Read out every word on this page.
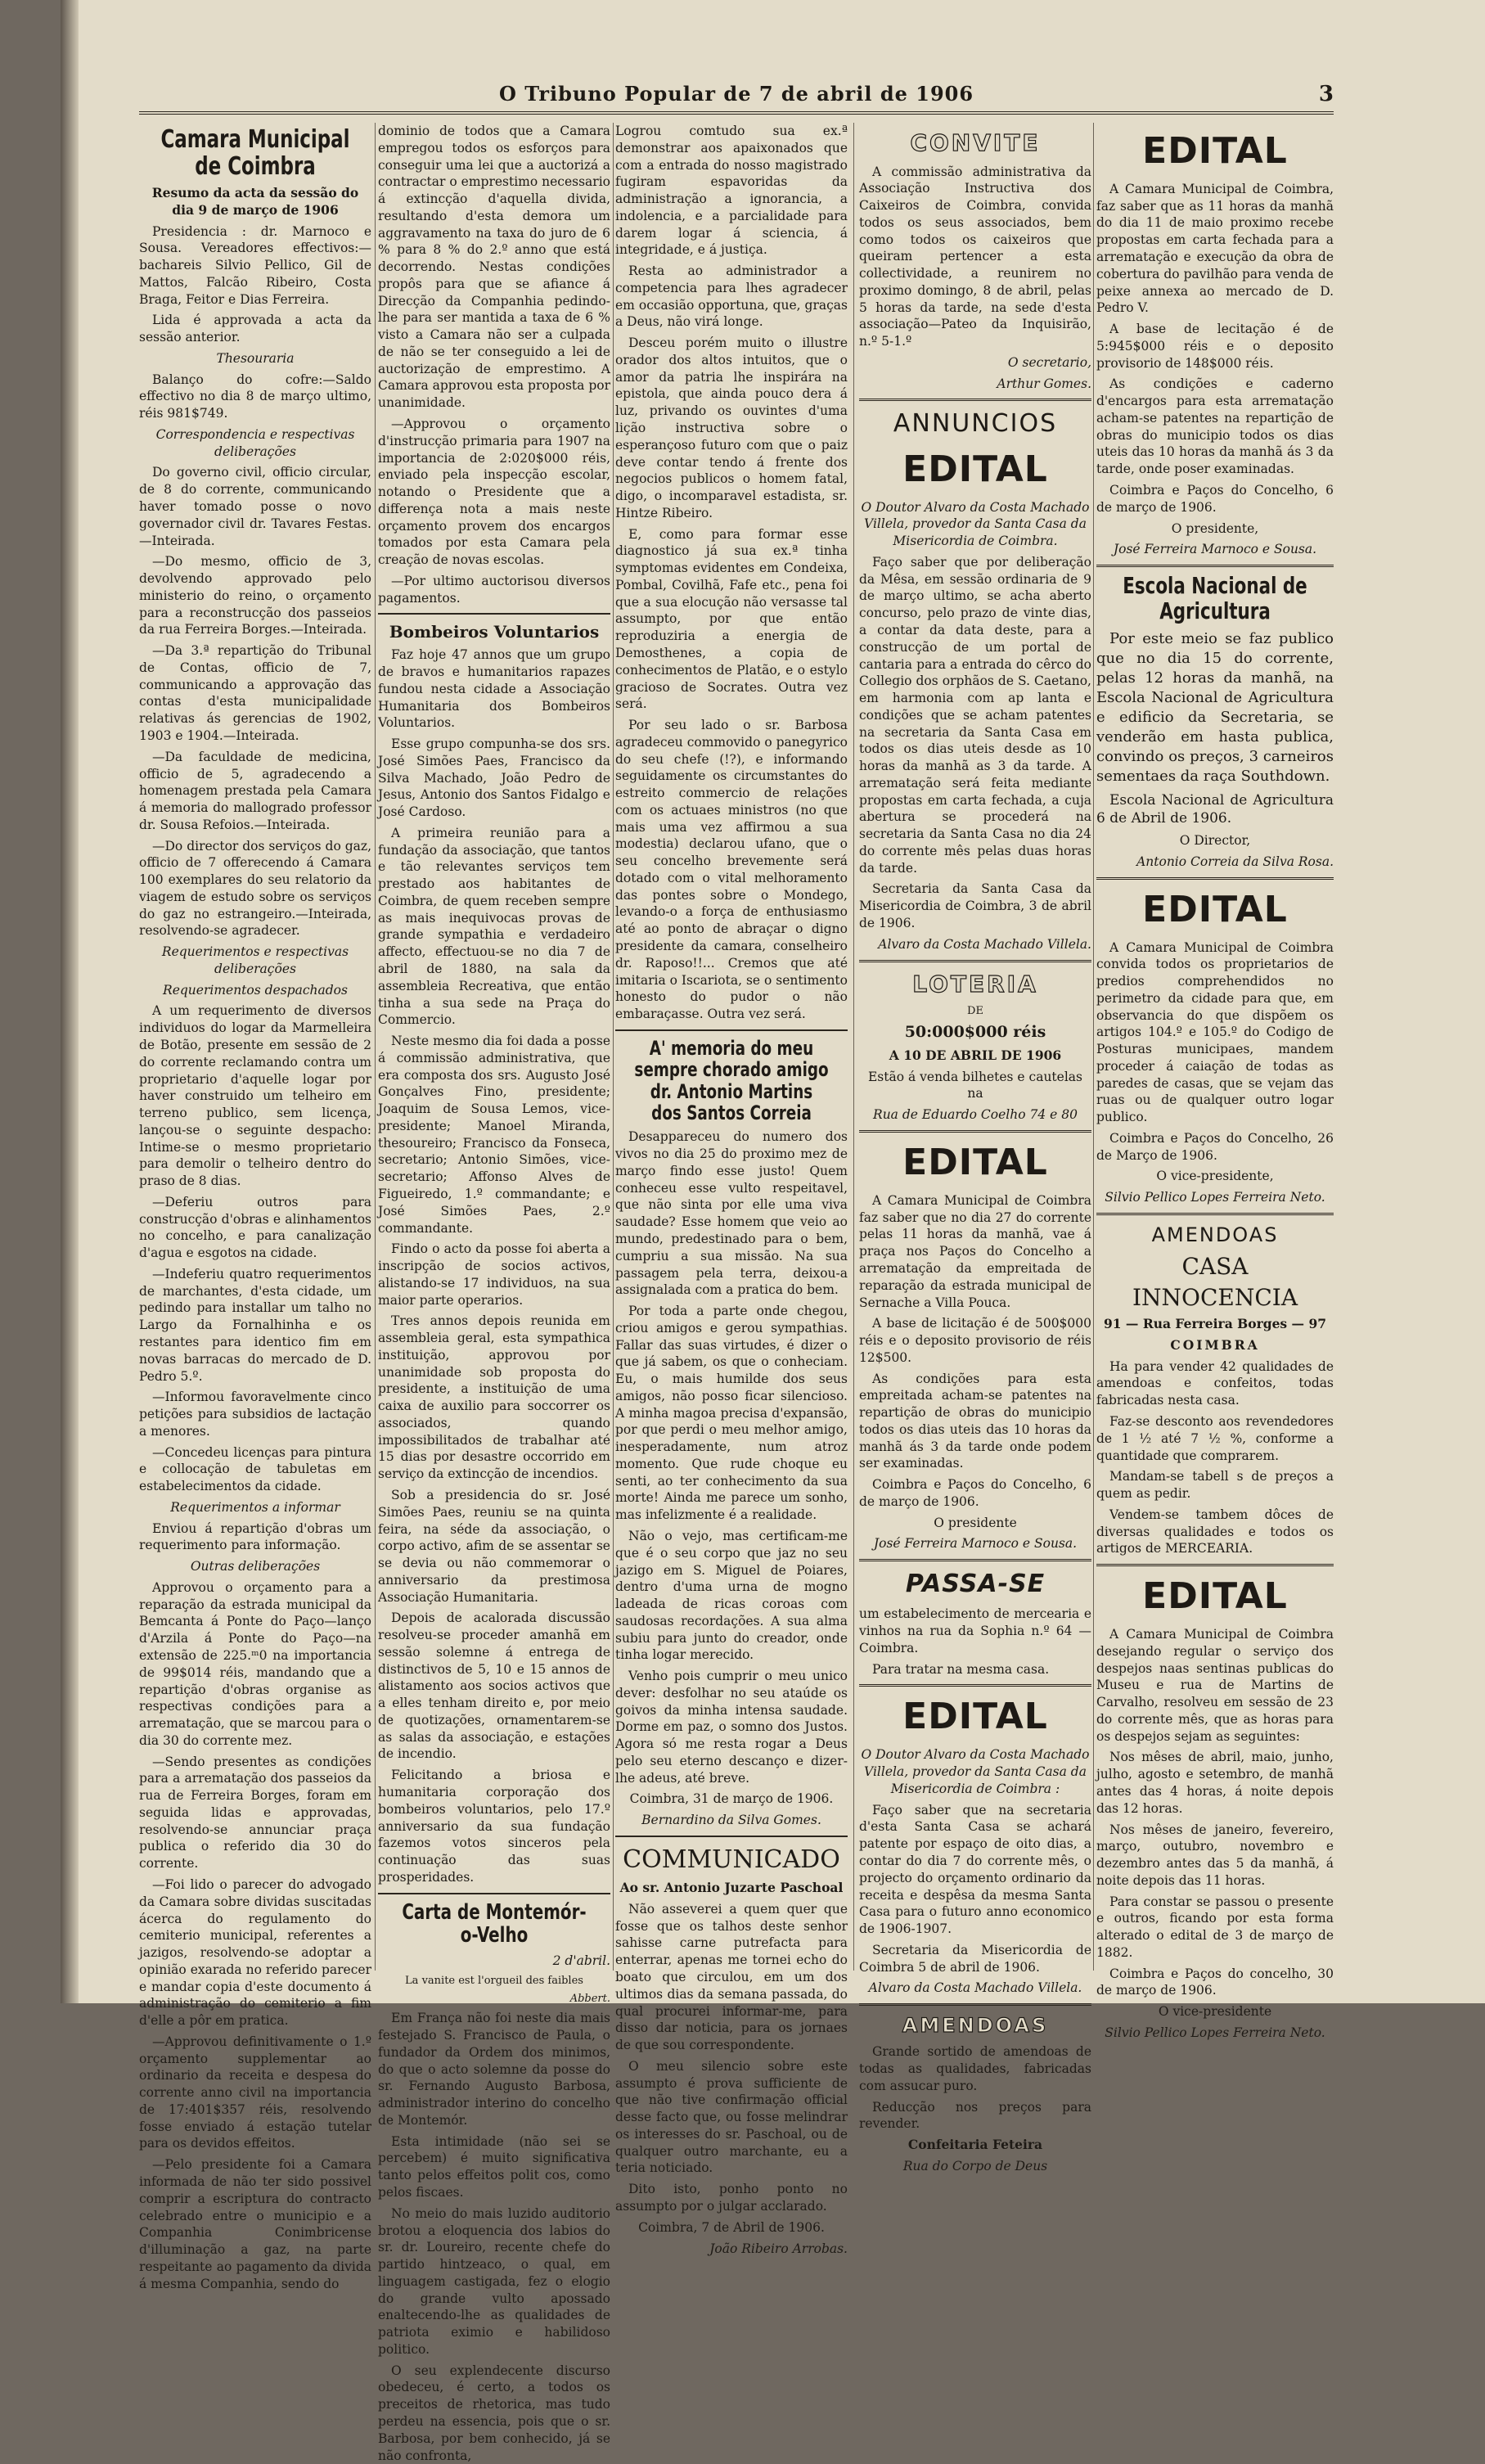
O Tribuno Popular de 7 de abril de 1906	3
Camara Municipal de Coimbra

Resumo da acta da sessão do dia 9 de março de 1906

Presidencia : dr. Marnoco e Sousa. Vereadores effectivos:—bachareis Silvio Pellico, Gil de Mattos, Falcão Ribeiro, Costa Braga, Feitor e Dias Ferreira.

Lida é approvada a acta da sessão anterior.

Thesouraria

Balanço do cofre:—Saldo effectivo no dia 8 de março ultimo, réis 981$749.

Correspondencia e respectivas deliberações

Do governo civil, officio circular, de 8 do corrente, communicando haver tomado posse o novo governador civil dr. Tavares Festas.—Inteirada.

—Do mesmo, officio de 3, devolvendo approvado pelo ministerio do reino, o orçamento para a reconstrucção dos passeios da rua Ferreira Borges.—Inteirada.

—Da 3.ª repartição do Tribunal de Contas, officio de 7, communicando a approvação das contas d'esta municipalidade relativas ás gerencias de 1902, 1903 e 1904.—Inteirada.

—Da faculdade de medicina, officio de 5, agradecendo a homenagem prestada pela Camara á memoria do mallogrado professor dr. Sousa Refoios.—Inteirada.

—Do director dos serviços do gaz, officio de 7 offerecendo á Camara 100 exemplares do seu relatorio da viagem de estudo sobre os serviços do gaz no estrangeiro.—Inteirada, resolvendo-se agradecer.

Requerimentos e respectivas deliberações

Requerimentos despachados

A um requerimento de diversos individuos do logar da Marmelleira de Botão, presente em sessão de 2 do corrente reclamando contra um proprietario d'aquelle logar por haver construido um telheiro em terreno publico, sem licença, lançou-se o seguinte despacho: Intime-se o mesmo proprietario para demolir o telheiro dentro do praso de 8 dias.

—Deferiu outros para construcção d'obras e alinhamentos no concelho, e para canalização d'agua e esgotos na cidade.

—Indeferiu quatro requerimentos de marchantes, d'esta cidade, um pedindo para installar um talho no Largo da Fornalhinha e os restantes para identico fim em novas barracas do mercado de D. Pedro 5.º.

—Informou favoravelmente cinco petições para subsidios de lactação a menores.

—Concedeu licenças para pintura e collocação de tabuletas em estabelecimentos da cidade.

Requerimentos a informar

Enviou á repartição d'obras um requerimento para informação.

Outras deliberações

Approvou o orçamento para a reparação da estrada municipal da Bemcanta á Ponte do Paço—lanço d'Arzila á Ponte do Paço—na extensão de 225.ᵐ0 na importancia de 99$014 réis, mandando que a repartição d'obras organise as respectivas condições para a arrematação, que se marcou para o dia 30 do corrente mez.

—Sendo presentes as condições para a arrematação dos passeios da rua de Ferreira Borges, foram em seguida lidas e approvadas, resolvendo-se annunciar praça publica o referido dia 30 do corrente.

—Foi lido o parecer do advogado da Camara sobre dividas suscitadas ácerca do regulamento do cemiterio municipal, referentes a jazigos, resolvendo-se adoptar a opinião exarada no referido parecer e mandar copia d'este documento á administração do cemiterio a fim d'elle a pôr em pratica.

—Approvou definitivamente o 1.º orçamento supplementar ao ordinario da receita e despesa do corrente anno civil na importancia de 17:401$357 réis, resolvendo fosse enviado á estação tutelar para os devidos effeitos.

—Pelo presidente foi a Camara informada de não ter sido possivel comprir a escriptura do contracto celebrado entre o municipio e a Companhia Conimbricense d'illuminação a gaz, na parte respeitante ao pagamento da divida á mesma Companhia, sendo do

dominio de todos que a Camara empregou todos os esforços para conseguir uma lei que a auctorizá a contractar o emprestimo necessario á extincção d'aquella divida, resultando d'esta demora um aggravamento na taxa do juro de 6 % para 8 % do 2.º anno que está decorrendo. Nestas condições propôs para que se afiance á Direcção da Companhia pedindo-lhe para ser mantida a taxa de 6 % visto a Camara não ser a culpada de não se ter conseguido a lei de auctorização de emprestimo. A Camara approvou esta proposta por unanimidade.

—Approvou o orçamento d'instrucção primaria para 1907 na importancia de 2:020$000 réis, enviado pela inspecção escolar, notando o Presidente que a differença nota a mais neste orçamento provem dos encargos tomados por esta Camara pela creação de novas escolas.

—Por ultimo auctorisou diversos pagamentos.

Bombeiros Voluntarios

Faz hoje 47 annos que um grupo de bravos e humanitarios rapazes fundou nesta cidade a Associação Humanitaria dos Bombeiros Voluntarios.

Esse grupo compunha-se dos srs. José Simões Paes, Francisco da Silva Machado, João Pedro de Jesus, Antonio dos Santos Fidalgo e José Cardoso.

A primeira reunião para a fundação da associação, que tantos e tão relevantes serviços tem prestado aos habitantes de Coimbra, de quem receben sempre as mais inequivocas provas de grande sympathia e verdadeiro affecto, effectuou-se no dia 7 de abril de 1880, na sala da assembleia Recreativa, que então tinha a sua sede na Praça do Commercio.

Neste mesmo dia foi dada a posse á commissão administrativa, que era composta dos srs. Augusto José Gonçalves Fino, presidente; Joaquim de Sousa Lemos, vice-presidente; Manoel Miranda, thesoureiro; Francisco da Fonseca, secretario; Antonio Simões, vice-secretario; Affonso Alves de Figueiredo, 1.º commandante; e José Simões Paes, 2.º commandante.

Findo o acto da posse foi aberta a inscripção de socios activos, alistando-se 17 individuos, na sua maior parte operarios.

Tres annos depois reunida em assembleia geral, esta sympathica instituição, approvou por unanimidade sob proposta do presidente, a instituição de uma caixa de auxilio para soccorrer os associados, quando impossibilitados de trabalhar até 15 dias por desastre occorrido em serviço da extincção de incendios.

Sob a presidencia do sr. José Simões Paes, reuniu se na quinta feira, na séde da associação, o corpo activo, afim de se assentar se se devia ou não commemorar o anniversario da prestimosa Associação Humanitaria.

Depois de acalorada discussão resolveu-se proceder amanhã em sessão solemne á entrega de distinctivos de 5, 10 e 15 annos de alistamento aos socios activos que a elles tenham direito e, por meio de quotizações, ornamentarem-se as salas da associação, e estações de incendio.

Felicitando a briosa e humanitaria corporação dos bombeiros voluntarios, pelo 17.º anniversario da sua fundação fazemos votos sinceros pela continuação das suas prosperidades.

Carta de Montemór-o-Velho

2 d'abril.

La vanite est l'orgueil des faibles

Abbert.

Em França não foi neste dia mais festejado S. Francisco de Paula, o fundador da Ordem dos minimos, do que o acto solemne da posse do sr. Fernando Augusto Barbosa, administrador interino do concelho de Montemór.

Esta intimidade (não sei se percebem) é muito significativa tanto pelos effeitos polit cos, como pelos fiscaes.

No meio do mais luzido auditorio brotou a eloquencia dos labios do sr. dr. Loureiro, recente chefe do partido hintzeaco, o qual, em linguagem castigada, fez o elogio do grande vulto apossado enaltecendo-lhe as qualidades de patriota eximio e habilidoso politico.

O seu explendecente discurso obedeceu, é certo, a todos os preceitos de rhetorica, mas tudo perdeu na essencia, pois que o sr. Barbosa, por bem conhecido, já se não confronta,

Logrou comtudo sua ex.ª demonstrar aos apaixonados que com a entrada do nosso magistrado fugiram espavoridas da administração a ignorancia, a indolencia, e a parcialidade para darem logar á sciencia, á integridade, e á justiça.

Resta ao administrador a competencia para lhes agradecer em occasião opportuna, que, graças a Deus, não virá longe.

Desceu porém muito o illustre orador dos altos intuitos, que o amor da patria lhe inspirára na epistola, que ainda pouco dera á luz, privando os ouvintes d'uma lição instructiva sobre o esperançoso futuro com que o paiz deve contar tendo á frente dos negocios publicos o homem fatal, digo, o incomparavel estadista, sr. Hintze Ribeiro.

E, como para formar esse diagnostico já sua ex.ª tinha symptomas evidentes em Condeixa, Pombal, Covilhã, Fafe etc., pena foi que a sua elocução não versasse tal assumpto, por que então reproduziria a energia de Demosthenes, a copia de conhecimentos de Platão, e o estylo gracioso de Socrates. Outra vez será.

Por seu lado o sr. Barbosa agradeceu commovido o panegyrico do seu chefe (!?), e informando seguidamente os circumstantes do estreito commercio de relações com os actuaes ministros (no que mais uma vez affirmou a sua modestia) declarou ufano, que o seu concelho brevemente será dotado com o vital melhoramento das pontes sobre o Mondego, levando-o a força de enthusiasmo até ao ponto de abraçar o digno presidente da camara, conselheiro dr. Raposo!!... Cremos que até imitaria o Iscariota, se o sentimento honesto do pudor o não embaraçasse. Outra vez será.

A' memoria do meu sempre chorado amigo dr. Antonio Martins dos Santos Correia

Desappareceu do numero dos vivos no dia 25 do proximo mez de março findo esse justo! Quem conheceu esse vulto respeitavel, que não sinta por elle uma viva saudade? Esse homem que veio ao mundo, predestinado para o bem, cumpriu a sua missão. Na sua passagem pela terra, deixou-a assignalada com a pratica do bem.

Por toda a parte onde chegou, criou amigos e gerou sympathias. Fallar das suas virtudes, é dizer o que já sabem, os que o conheciam. Eu, o mais humilde dos seus amigos, não posso ficar silencioso. A minha magoa precisa d'expansão, por que perdi o meu melhor amigo, inesperadamente, num atroz momento. Que rude choque eu senti, ao ter conhecimento da sua morte! Ainda me parece um sonho, mas infelizmente é a realidade.

Não o vejo, mas certificam-me que é o seu corpo que jaz no seu jazigo em S. Miguel de Poiares, dentro d'uma urna de mogno ladeada de ricas coroas com saudosas recordações. A sua alma subiu para junto do creador, onde tinha logar merecido.

Venho pois cumprir o meu unico dever: desfolhar no seu ataúde os goivos da minha intensa saudade. Dorme em paz, o somno dos Justos. Agora só me resta rogar a Deus pelo seu eterno descanço e dizer-lhe adeus, até breve.

Coimbra, 31 de março de 1906.

Bernardino da Silva Gomes.

COMMUNICADO

Ao sr. Antonio Juzarte Paschoal

Não asseverei a quem quer que fosse que os talhos deste senhor sahisse carne putrefacta para enterrar, apenas me tornei echo do boato que circulou, em um dos ultimos dias da semana passada, do qual procurei informar-me, para disso dar noticia, para os jornaes de que sou correspondente.

O meu silencio sobre este assumpto é prova sufficiente de que não tive confirmação official desse facto que, ou fosse melindrar os interesses do sr. Paschoal, ou de qualquer outro marchante, eu a teria noticiado.

Dito isto, ponho ponto no assumpto por o julgar acclarado.

Coimbra, 7 de Abril de 1906.

João Ribeiro Arrobas.

CONVITE

A commissão administrativa da Associação Instructiva dos Caixeiros de Coimbra, convida todos os seus associados, bem como todos os caixeiros que queiram pertencer a esta collectividade, a reunirem no proximo domingo, 8 de abril, pelas 5 horas da tarde, na sede d'esta associação—Pateo da Inquisirão, n.º 5-1.º

O secretario,

Arthur Gomes.

ANNUNCIOS
EDITAL

O Doutor Alvaro da Costa Machado Villela, provedor da Santa Casa da Misericordia de Coimbra.

Faço saber que por deliberação da Mêsa, em sessão ordinaria de 9 de março ultimo, se acha aberto concurso, pelo prazo de vinte dias, a contar da data deste, para a construcção de um portal de cantaria para a entrada do cêrco do Collegio dos orphãos de S. Caetano, em harmonia com ap lanta e condições que se acham patentes na secretaria da Santa Casa em todos os dias uteis desde as 10 horas da manhã as 3 da tarde. A arrematação será feita mediante propostas em carta fechada, a cuja abertura se procederá na secretaria da Santa Casa no dia 24 do corrente mês pelas duas horas da tarde.

Secretaria da Santa Casa da Misericordia de Coimbra, 3 de abril de 1906.

Alvaro da Costa Machado Villela.

LOTERIA

DE

50:000$000 réis

A 10 DE ABRIL DE 1906

Estão á venda bilhetes e cautelas na

Rua de Eduardo Coelho 74 e 80

EDITAL

A Camara Municipal de Coimbra faz saber que no dia 27 do corrente pelas 11 horas da manhã, vae á praça nos Paços do Concelho a arrematação da empreitada de reparação da estrada municipal de Sernache a Villa Pouca.

A base de licitação é de 500$000 réis e o deposito provisorio de réis 12$500.

As condições para esta empreitada acham-se patentes na repartição de obras do municipio todos os dias uteis das 10 horas da manhã ás 3 da tarde onde podem ser examinadas.

Coimbra e Paços do Concelho, 6 de março de 1906.

O presidente

José Ferreira Marnoco e Sousa.

PASSA-SE

um estabelecimento de mercearia e vinhos na rua da Sophia n.º 64 — Coimbra.

Para tratar na mesma casa.

EDITAL

O Doutor Alvaro da Costa Machado Villela, provedor da Santa Casa da Misericordia de Coimbra :

Faço saber que na secretaria d'esta Santa Casa se achará patente por espaço de oito dias, a contar do dia 7 do corrente mês, o projecto do orçamento ordinario da receita e despêsa da mesma Santa Casa para o futuro anno economico de 1906-1907.

Secretaria da Misericordia de Coimbra 5 de abril de 1906.

Alvaro da Costa Machado Villela.

AMENDOAS

Grande sortido de amendoas de todas as qualidades, fabricadas com assucar puro.

Reducção nos preços para revender.

Confeitaria Feteira

Rua do Corpo de Deus

EDITAL

A Camara Municipal de Coimbra, faz saber que as 11 horas da manhã do dia 11 de maio proximo recebe propostas em carta fechada para a arrematação e execução da obra de cobertura do pavilhão para venda de peixe annexa ao mercado de D. Pedro V.

A base de lecitação é de 5:945$000 réis e o deposito provisorio de 148$000 réis.

As condições e caderno d'encargos para esta arrematação acham-se patentes na repartição de obras do municipio todos os dias uteis das 10 horas da manhã ás 3 da tarde, onde poser examinadas.

Coimbra e Paços do Concelho, 6 de março de 1906.

O presidente,

José Ferreira Marnoco e Sousa.

Escola Nacional de Agricultura

Por este meio se faz publico que no dia 15 do corrente, pelas 12 horas da manhã, na Escola Nacional de Agricultura e edificio da Secretaria, se venderão em hasta publica, convindo os preços, 3 carneiros sementaes da raça Southdown.

Escola Nacional de Agricultura 6 de Abril de 1906.

O Director,

Antonio Correia da Silva Rosa.

EDITAL

A Camara Municipal de Coimbra convida todos os proprietarios de predios comprehendidos no perimetro da cidade para que, em observancia do que dispõem os artigos 104.º e 105.º do Codigo de Posturas municipaes, mandem proceder á caiação de todas as paredes de casas, que se vejam das ruas ou de qualquer outro logar publico.

Coimbra e Paços do Concelho, 26 de Março de 1906.

O vice-presidente,

Silvio Pellico Lopes Ferreira Neto.

AMENDOAS
CASA INNOCENCIA

91 — Rua Ferreira Borges — 97

COIMBRA

Ha para vender 42 qualidades de amendoas e confeitos, todas fabricadas nesta casa.

Faz-se desconto aos revendedores de 1 ½ até 7 ½ %, conforme a quantidade que comprarem.

Mandam-se tabell s de preços a quem as pedir.

Vendem-se tambem dôces de diversas qualidades e todos os artigos de MERCEARIA.

EDITAL

A Camara Municipal de Coimbra desejando regular o serviço dos despejos naas sentinas publicas do Museu e rua de Martins de Carvalho, resolveu em sessão de 23 do corrente mês, que as horas para os despejos sejam as seguintes:

Nos mêses de abril, maio, junho, julho, agosto e setembro, de manhã antes das 4 horas, á noite depois das 12 horas.

Nos mêses de janeiro, fevereiro, março, outubro, novembro e dezembro antes das 5 da manhã, á noite depois das 11 horas.

Para constar se passou o presente e outros, ficando por esta forma alterado o edital de 3 de março de 1882.

Coimbra e Paços do concelho, 30 de março de 1906.

O vice-presidente

Silvio Pellico Lopes Ferreira Neto.
